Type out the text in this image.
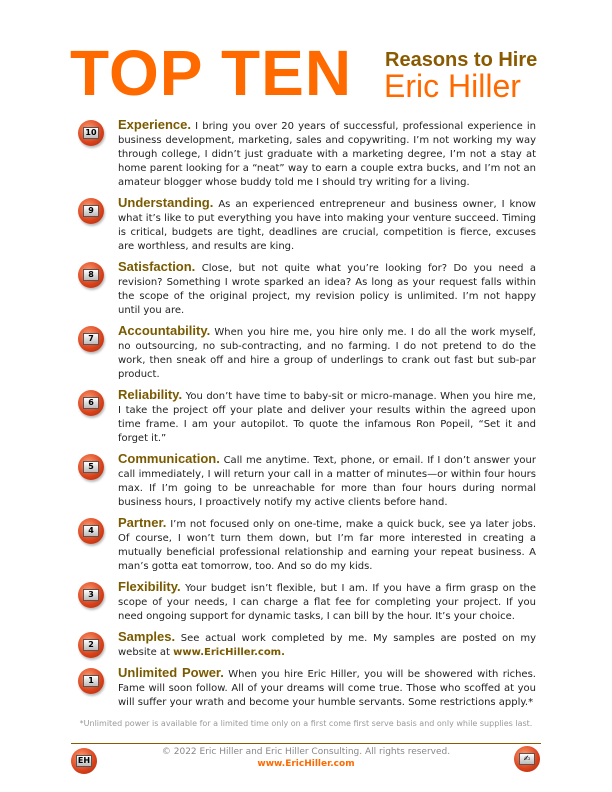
TOP TEN Reasons to Hire
Eric Hiller
10
Experience. I bring you over 20 years of successful, professional experience in business development, marketing, sales and copywriting. I’m not working my way through college, I didn’t just graduate with a marketing degree, I’m not a stay at home parent looking for a “neat” way to earn a couple extra bucks, and I’m not an amateur blogger whose buddy told me I should try writing for a living.
9
Understanding. As an experienced entrepreneur and business owner, I know what it’s like to put everything you have into making your venture succeed. Timing is critical, budgets are tight, deadlines are crucial, competition is fierce, excuses are worthless, and results are king.
8
Satisfaction. Close, but not quite what you’re looking for? Do you need a revision? Something I wrote sparked an idea? As long as your request falls within the scope of the original project, my revision policy is unlimited. I’m not happy until you are.
7
Accountability. When you hire me, you hire only me. I do all the work myself, no outsourcing, no sub-contracting, and no farming. I do not pretend to do the work, then sneak off and hire a group of underlings to crank out fast but sub-par product.
6
Reliability. You don’t have time to baby-sit or micro-manage. When you hire me, I take the project off your plate and deliver your results within the agreed upon time frame. I am your autopilot. To quote the infamous Ron Popeil, “Set it and forget it.”
5
Communication. Call me anytime. Text, phone, or email. If I don’t answer your call immediately, I will return your call in a matter of minutes—or within four hours max. If I’m going to be unreachable for more than four hours during normal business hours, I proactively notify my active clients before hand.
4
Partner. I’m not focused only on one-time, make a quick buck, see ya later jobs. Of course, I won’t turn them down, but I’m far more interested in creating a mutually beneficial professional relationship and earning your repeat business. A man’s gotta eat tomorrow, too. And so do my kids.
3
Flexibility. Your budget isn’t flexible, but I am. If you have a firm grasp on the scope of your needs, I can charge a flat fee for completing your project. If you need ongoing support for dynamic tasks, I can bill by the hour. It’s your choice.
2
Samples. See actual work completed by me. My samples are posted on my website at www.EricHiller.com.
1
Unlimited Power. When you hire Eric Hiller, you will be showered with riches. Fame will soon follow. All of your dreams will come true. Those who scoffed at you will suffer your wrath and become your humble servants. Some restrictions apply.*
*Unlimited power is available for a limited time only on a first come first serve basis and only while supplies last.
EH
© 2022 Eric Hiller and Eric Hiller Consulting. All rights reserved.
www.EricHiller.com
✍
